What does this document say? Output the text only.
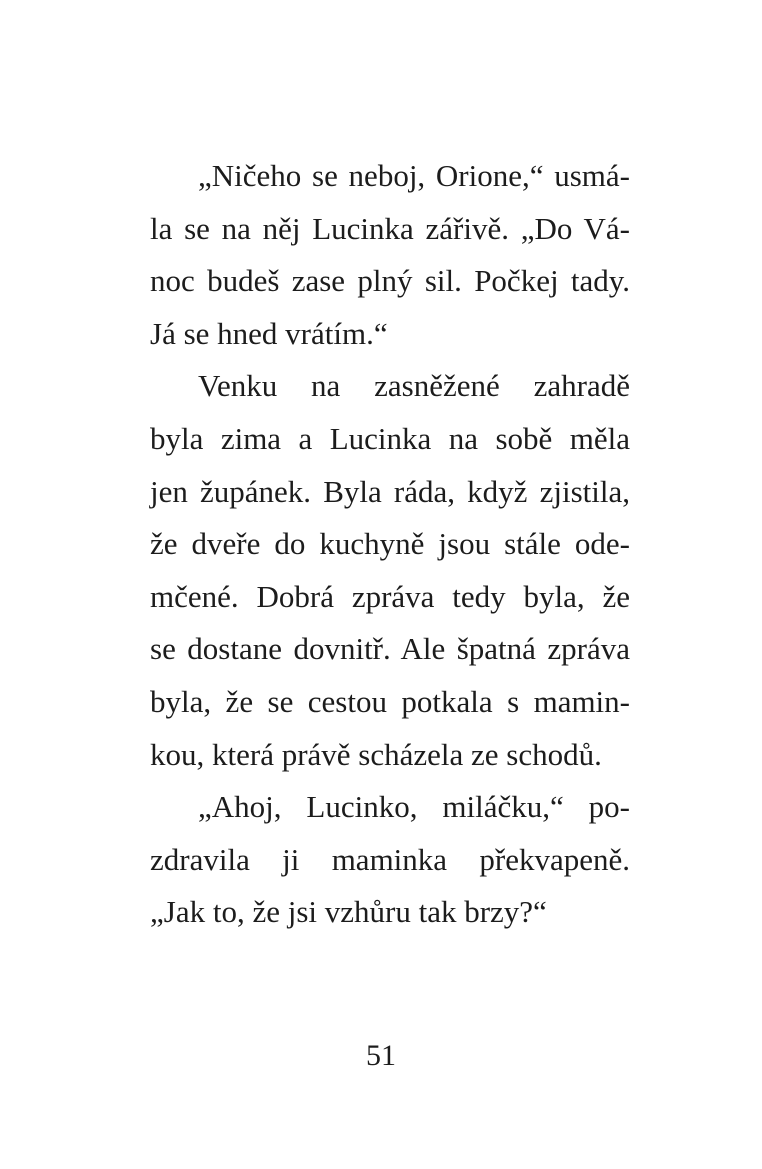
„Ničeho se neboj, Orione,“ usmá-
la se na něj Lucinka zářivě. „Do Vá-
noc budeš zase plný sil. Počkej tady.
Já se hned vrátím.“
Venku na zasněžené zahradě
byla zima a Lucinka na sobě měla
jen župánek. Byla ráda, když zjistila,
že dveře do kuchyně jsou stále ode-
mčené. Dobrá zpráva tedy byla, že
se dostane dovnitř. Ale špatná zpráva
byla, že se cestou potkala s mamin-
kou, která právě scházela ze schodů.
„Ahoj, Lucinko, miláčku,“ po-
zdravila ji maminka překvapeně.
„Jak to, že jsi vzhůru tak brzy?“
51
